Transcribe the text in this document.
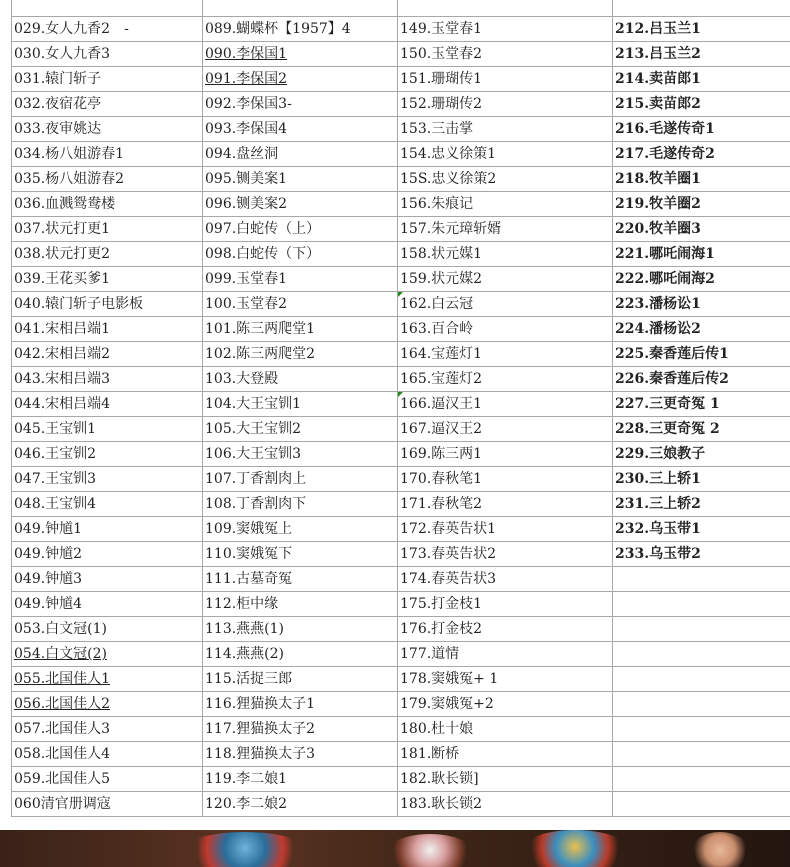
029.女人九香2　-	089.蝴蝶杯【1957】4	149.玉堂春1	212.吕玉兰1
030.女人九香3	090.李保国1	150.玉堂春2	213.吕玉兰2
031.辕门斩子	091.李保国2	151.珊瑚传1	214.卖苗郎1
032.夜宿花亭	092.李保国3-	152.珊瑚传2	215.卖苗郎2
033.夜审姚达	093.李保国4	153.三击掌	216.毛遂传奇1
034.杨八姐游春1	094.盘丝洞	154.忠义徐策1	217.毛遂传奇2
035.杨八姐游春2	095.铡美案1	15S.忠义徐策2	218.牧羊圈1
036.血溅鸳鸯楼	096.铡美案2	156.朱痕记	219.牧羊圈2
037.状元打更1	097.白蛇传（上）	157.朱元璋斩婿	220.牧羊圈3
038.状元打更2	098.白蛇传（下）	158.状元媒1	221.哪吒闹海1
039.王花买爹1	099.玉堂春1	159.状元媒2	222.哪吒闹海2
040.辕门斩子电影板	100.玉堂春2	162.白云冠	223.潘杨讼1
041.宋相吕端1	101.陈三两爬堂1	163.百合岭	224.潘杨讼2
042.宋相吕端2	102.陈三两爬堂2	164.宝莲灯1	225.秦香莲后传1
043.宋相吕端3	103.大登殿	165.宝莲灯2	226.秦香莲后传2
044.宋相吕端4	104.大王宝钏1	166.逼汉王1	227.三更奇冤 1
045.王宝钏1	105.大王宝钏2	167.逼汉王2	228.三更奇冤 2
046.王宝钏2	106.大王宝钏3	169.陈三两1	229.三娘教子
047.王宝钏3	107.丁香割肉上	170.春秋笔1	230.三上轿1
048.王宝钏4	108.丁香割肉下	171.春秋笔2	231.三上轿2
049.钟馗1	109.窦娥冤上	172.春英告状1	232.乌玉带1
049.钟馗2	110.窦娥冤下	173.春英告状2	233.乌玉带2
049.钟馗3	111.古墓奇冤	174.春英告状3	
049.钟馗4	112.柜中缘	175.打金枝1	
053.白文冠(1)	113.燕燕(1)	176.打金枝2	
054.白文冠(2)	114.燕燕(2)	177.道情	
055.北国佳人1	115.活捉三郎	178.窦娥冤+ 1	
056.北国佳人2	116.狸猫换太子1	179.窦娥冤+2	
057.北国佳人3	117.狸猫换太子2	180.杜十娘	
058.北国佳人4	118.狸猫换太子3	181.断桥	
059.北国佳人5	119.李二娘1	182.耿长锁]	
060清官册调寇	120.李二娘2	183.耿长锁2	
